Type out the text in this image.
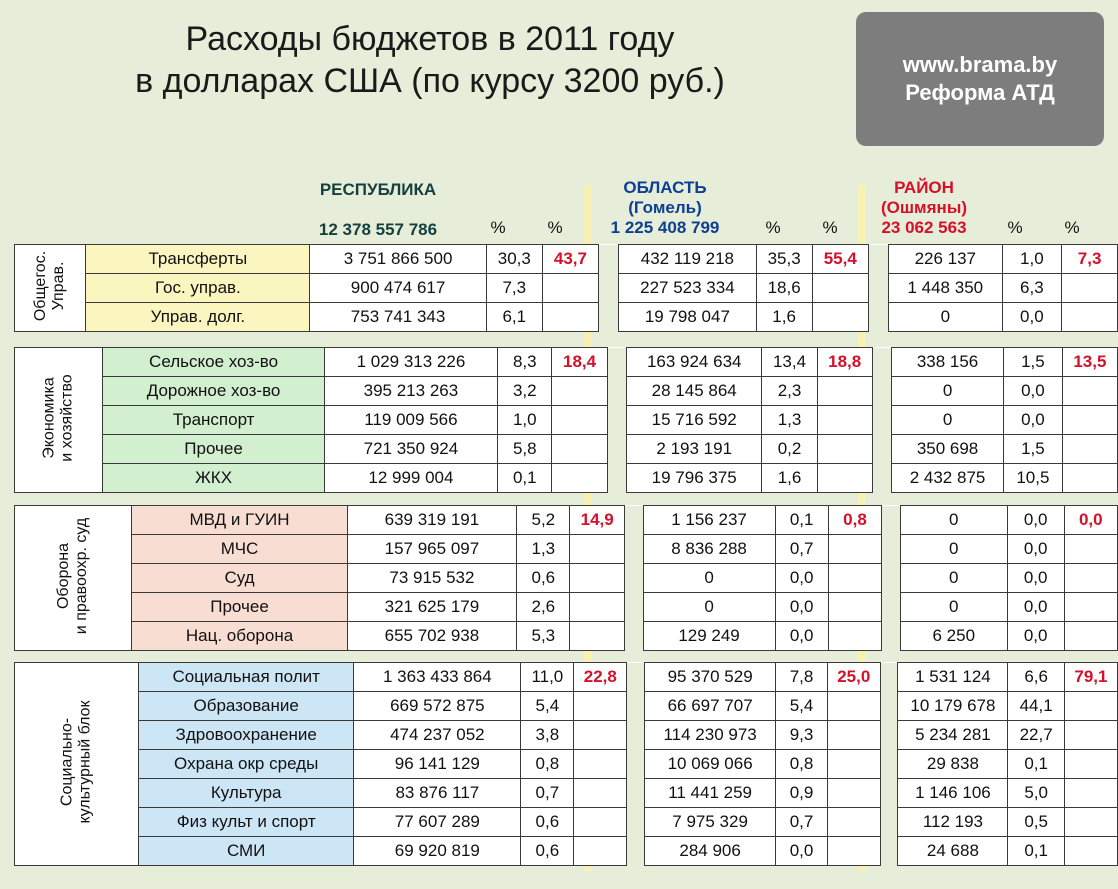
Расходы бюджетов в 2011 году
в долларах США (по курсу 3200 руб.)	www.brama.by
Реформа АТД
РЕСПУБЛИКА
12 378 557 786
ОБЛАСТЬ
(Гомель)
1 225 408 799
РАЙОН
(Ошмяны)
23 062 563
%	%	%	%	%	%
Общегос.
Управ.	Трансферты	3 751 866 500	30,3	43,7		432 119 218	35,3	55,4		226 137	1,0	7,3
	Гос. управ.	900 474 617	7,3			227 523 334	18,6			1 448 350	6,3	
	Управ. долг.	753 741 343	6,1			19 798 047	1,6			0	0,0	
Экономика
и хозяйство	Сельское хоз-во	1 029 313 226	8,3	18,4		163 924 634	13,4	18,8		338 156	1,5	13,5
	Дорожное хоз-во	395 213 263	3,2			28 145 864	2,3			0	0,0	
	Транспорт	119 009 566	1,0			15 716 592	1,3			0	0,0	
	Прочее	721 350 924	5,8			2 193 191	0,2			350 698	1,5	
	ЖКХ	12 999 004	0,1			19 796 375	1,6			2 432 875	10,5	
Оборона
и правоохр. суд	МВД и ГУИН	639 319 191	5,2	14,9		1 156 237	0,1	0,8		0	0,0	0,0
	МЧС	157 965 097	1,3			8 836 288	0,7			0	0,0	
	Суд	73 915 532	0,6			0	0,0			0	0,0	
	Прочее	321 625 179	2,6			0	0,0			0	0,0	
	Нац. оборона	655 702 938	5,3			129 249	0,0			6 250	0,0	
Социально-
культурный блок	Социальная полит	1 363 433 864	11,0	22,8		95 370 529	7,8	25,0		1 531 124	6,6	79,1
	Образование	669 572 875	5,4			66 697 707	5,4			10 179 678	44,1	
	Здровоохранение	474 237 052	3,8			114 230 973	9,3			5 234 281	22,7	
	Охрана окр среды	96 141 129	0,8			10 069 066	0,8			29 838	0,1	
	Культура	83 876 117	0,7			11 441 259	0,9			1 146 106	5,0	
	Физ культ и спорт	77 607 289	0,6			7 975 329	0,7			112 193	0,5	
	СМИ	69 920 819	0,6			284 906	0,0			24 688	0,1	
